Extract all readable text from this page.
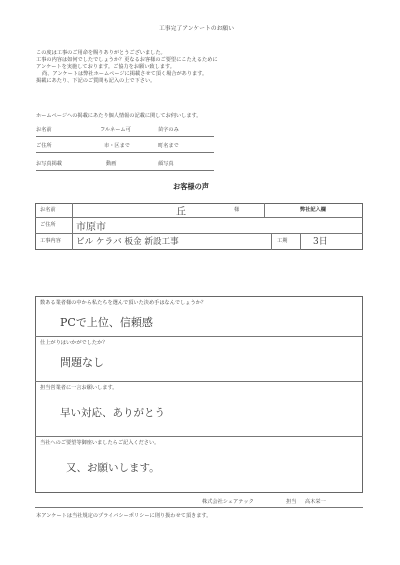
工事完了アンケートのお願い
この度は工事のご用命を賜りありがとうございました。
工事の内容は如何でしたでしょうか？更なるお客様のご要望にこたえるために
アンケートを実施しております。ご協力をお願い致します。
尚、アンケートは弊社ホームページに掲載させて頂く場合があります。
掲載にあたり、下記のご質問も記入の上で下さい。
ホームページへの掲載にあたり個人情報の記載に関してお伺いします。
お名前	フルネーム可	苗字のみ
ご住所	市・区まで	町名まで
お写真掲載	動画	顔写真
お客様の声
お名前	丘	様	弊社記入欄
ご住所 市原市
工事内容 ビル ケラバ 板金 新設工事	工期	3日
数ある業者様の中から私たちを選んで頂いた決め手はなんでしょうか？
PCで上位、信頼感
仕上がりはいかがでしたか？
問題なし
担当営業者に一言お願いします。
早い対応、ありがとう
当社へのご要望等御座いましたらご記入ください。
又、お願いします。
株式会社シェアテック	担当 高木栄一
本アンケートは当社規定のプライバシーポリシーに則り扱わせて頂きます。
